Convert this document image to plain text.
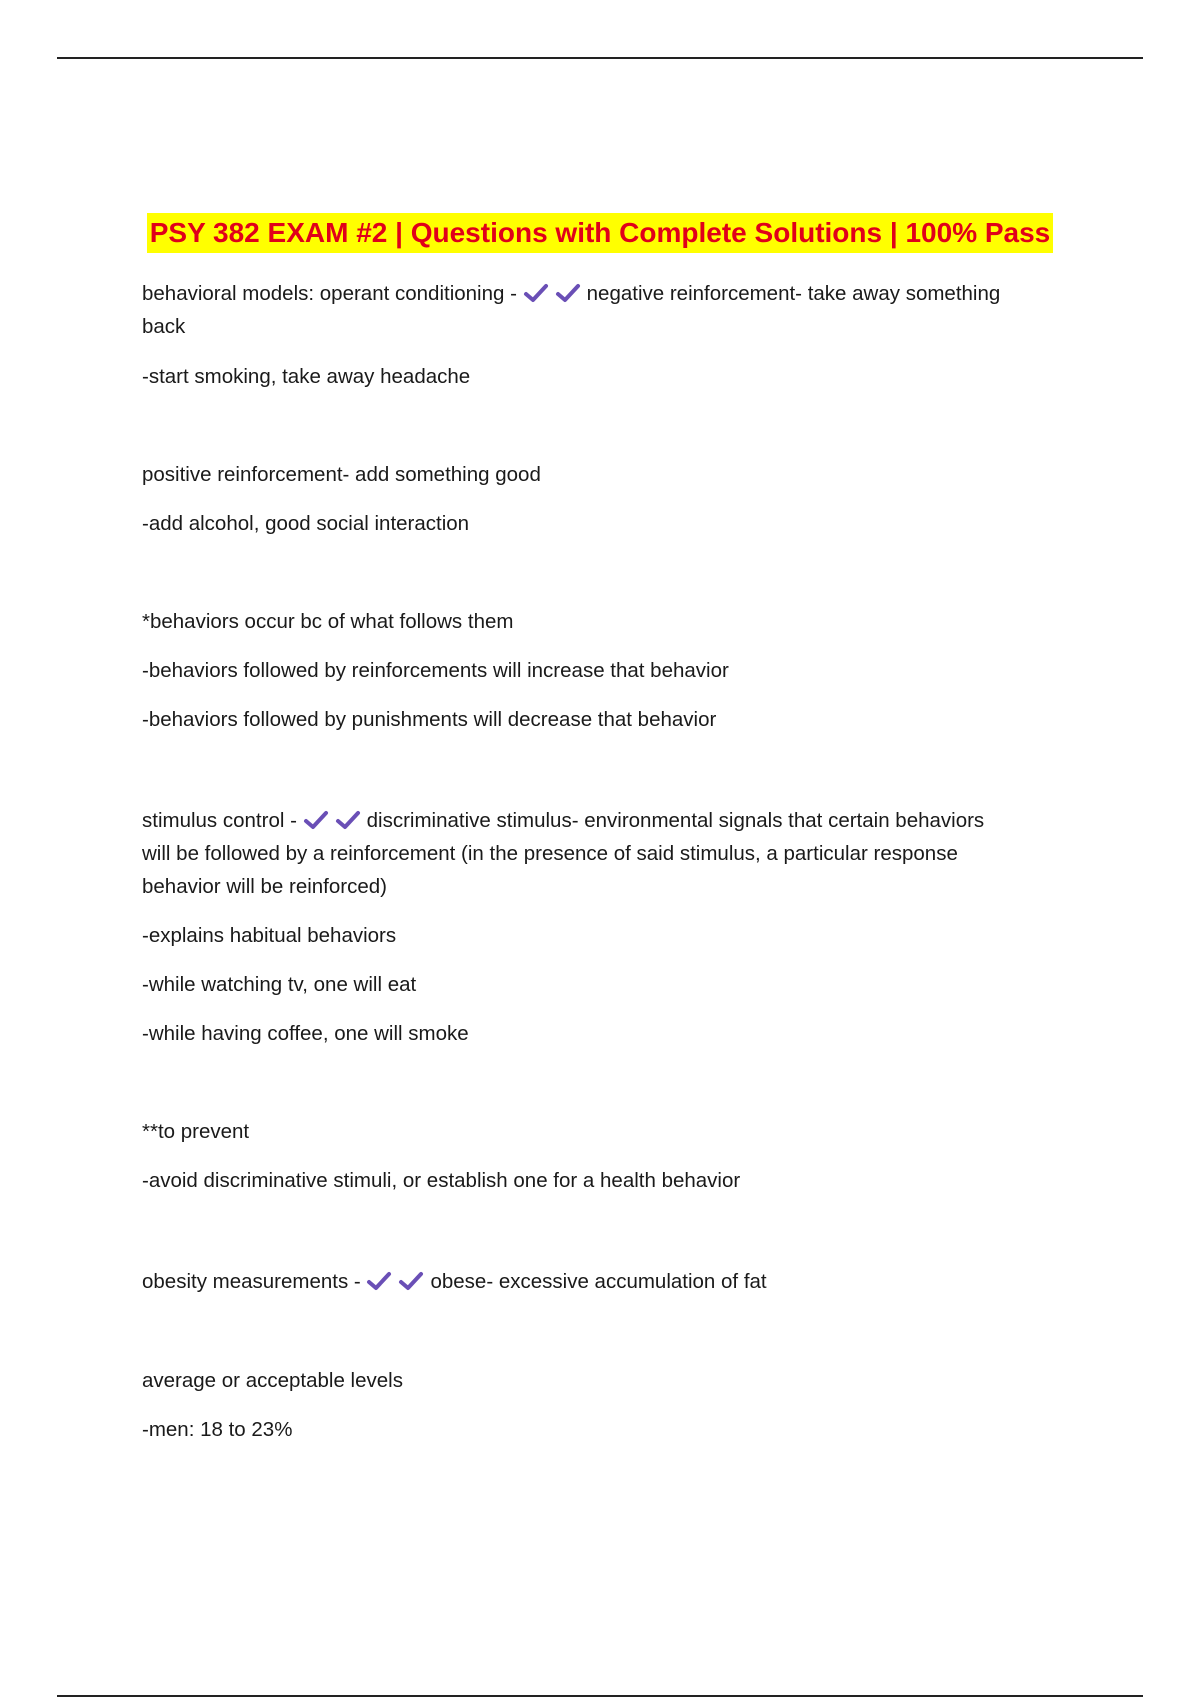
PSY 382 EXAM #2 | Questions with Complete Solutions | 100% Pass
behavioral models: operant conditioning -	negative reinforcement- take away something
back
-start smoking, take away headache
positive reinforcement- add something good
-add alcohol, good social interaction
*behaviors occur bc of what follows them
-behaviors followed by reinforcements will increase that behavior
-behaviors followed by punishments will decrease that behavior
stimulus control -	discriminative stimulus- environmental signals that certain behaviors
will be followed by a reinforcement (in the presence of said stimulus, a particular response
behavior will be reinforced)
-explains habitual behaviors
-while watching tv, one will eat
-while having coffee, one will smoke
**to prevent
-avoid discriminative stimuli, or establish one for a health behavior
obesity measurements -	obese- excessive accumulation of fat
average or acceptable levels
-men: 18 to 23%
